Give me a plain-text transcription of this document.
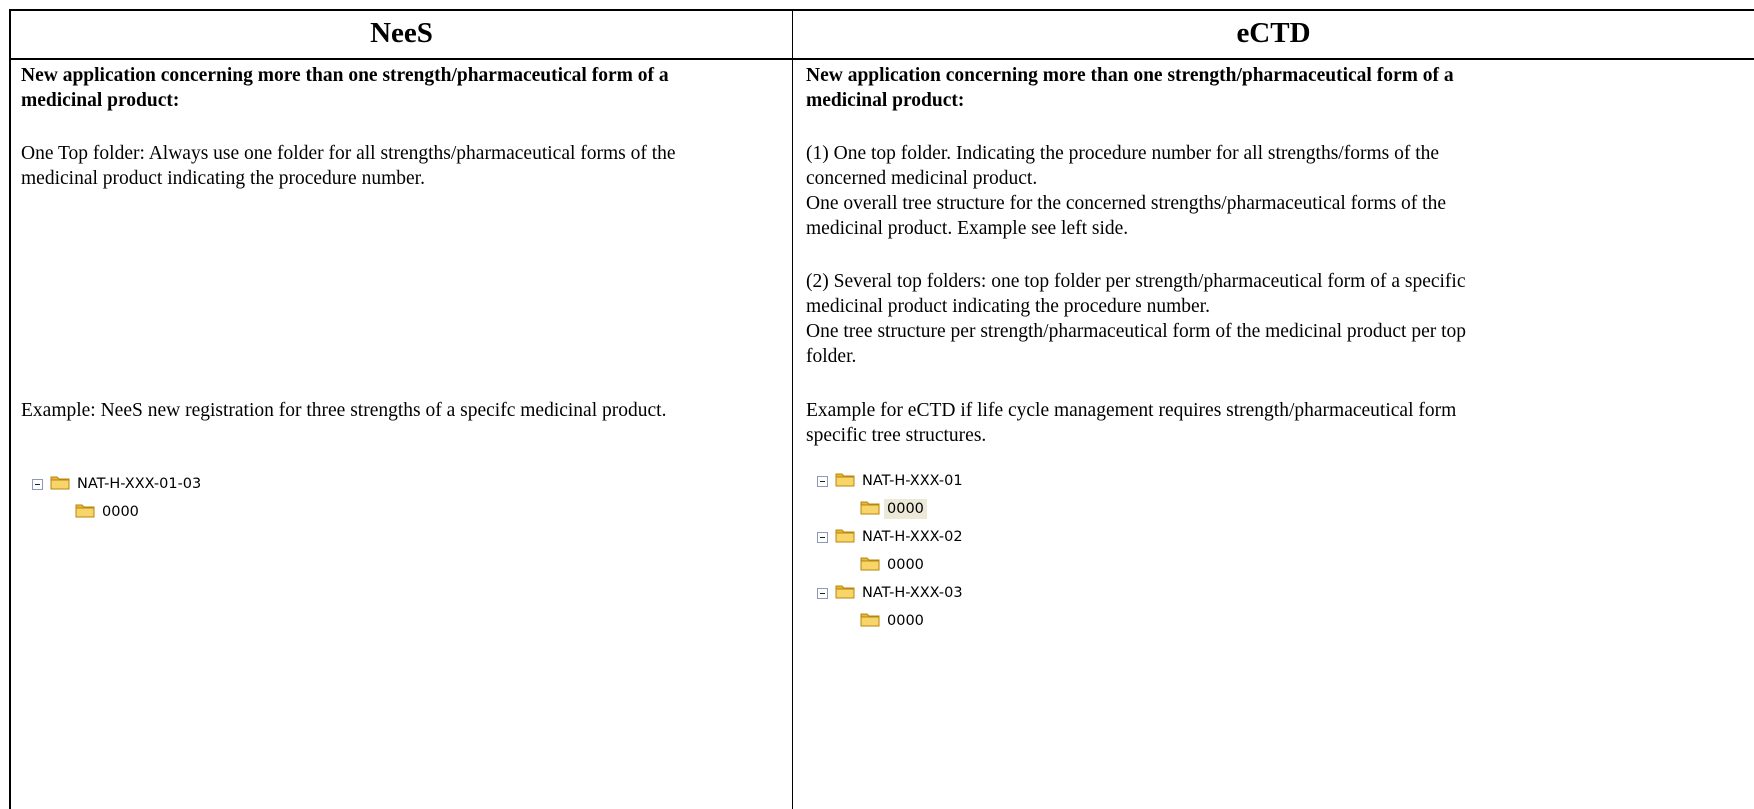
NeeS	eCTD
New application concerning more than one strength/pharmaceutical form of a
medicinal product:
One Top folder: Always use one folder for all strengths/pharmaceutical forms of the
medicinal product indicating the procedure number.
Example: NeeS new registration for three strengths of a specifc medicinal product.
NAT-H-XXX-01-03
0000
New application concerning more than one strength/pharmaceutical form of a
medicinal product:
(1) One top folder. Indicating the procedure number for all strengths/forms of the
concerned medicinal product.
One overall tree structure for the concerned strengths/pharmaceutical forms of the
medicinal product. Example see left side.
(2) Several top folders: one top folder per strength/pharmaceutical form of a specific
medicinal product indicating the procedure number.
One tree structure per strength/pharmaceutical form of the medicinal product per top
folder.
Example for eCTD if life cycle management requires strength/pharmaceutical form
specific tree structures.
NAT-H-XXX-01
0000
NAT-H-XXX-02
0000
NAT-H-XXX-03
0000
